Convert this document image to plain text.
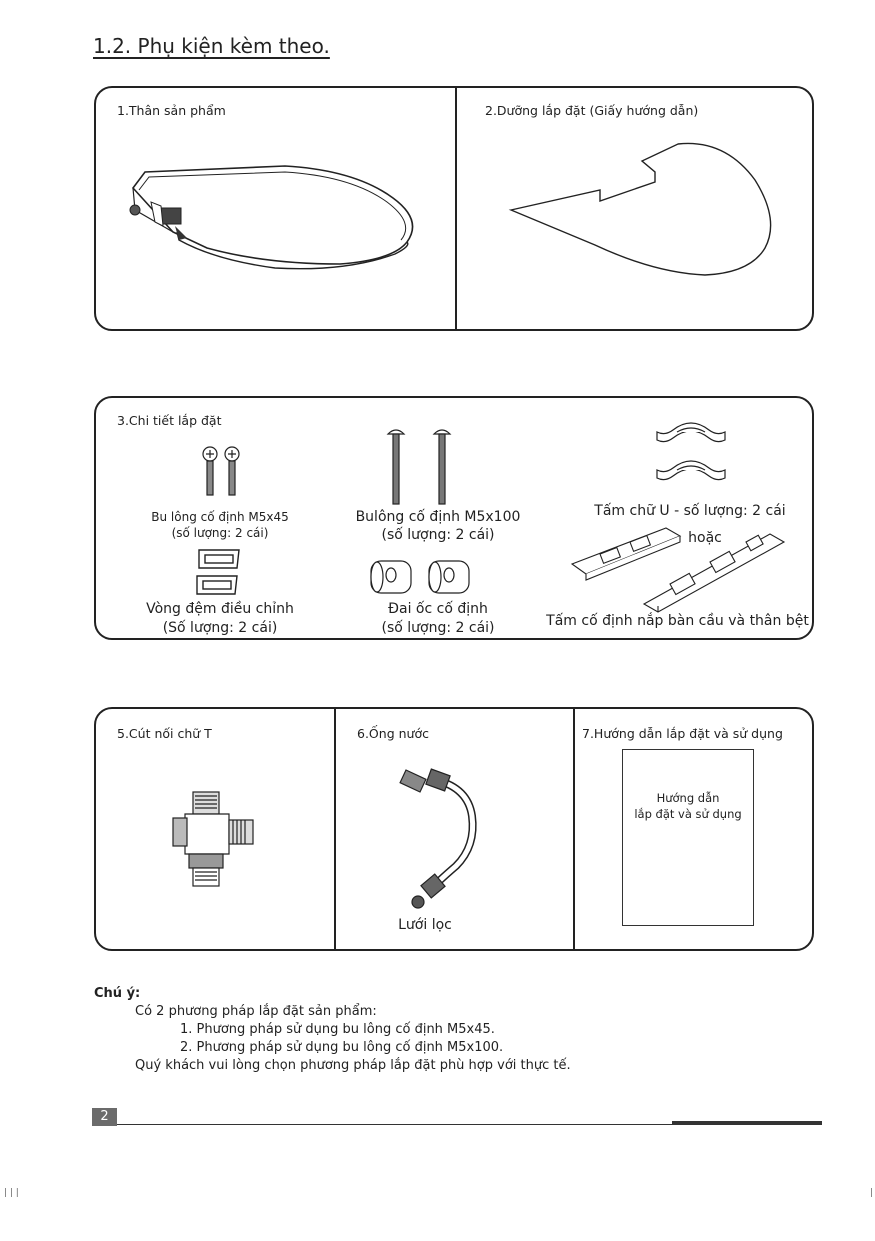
1.2. Phụ kiện kèm theo.
1.Thân sản phẩm	2.Dưỡng lắp đặt (Giấy hướng dẫn)
3.Chi tiết lắp đặt
Bu lông cố định M5x45
(số lượng: 2 cái)
Vòng đệm điều chỉnh
(Số lượng: 2 cái)
Bulông cố định M5x100
(số lượng: 2 cái)
Đai ốc cố định
(số lượng: 2 cái)
Tấm chữ U - số lượng: 2 cái
hoặc
Tấm cố định nắp bàn cầu và thân bệt
5.Cút nối chữ T	6.Ống nước	7.Hướng dẫn lắp đặt và sử dụng
Lưới lọc
Hướng dẫn
lắp đặt và sử dụng
Chú ý:
Có 2 phương pháp lắp đặt sản phẩm:
1. Phương pháp sử dụng bu lông cố định M5x45.
2. Phương pháp sử dụng bu lông cố định M5x100.
Quý khách vui lòng chọn phương pháp lắp đặt phù hợp với thực tế.
2
| | |	|
